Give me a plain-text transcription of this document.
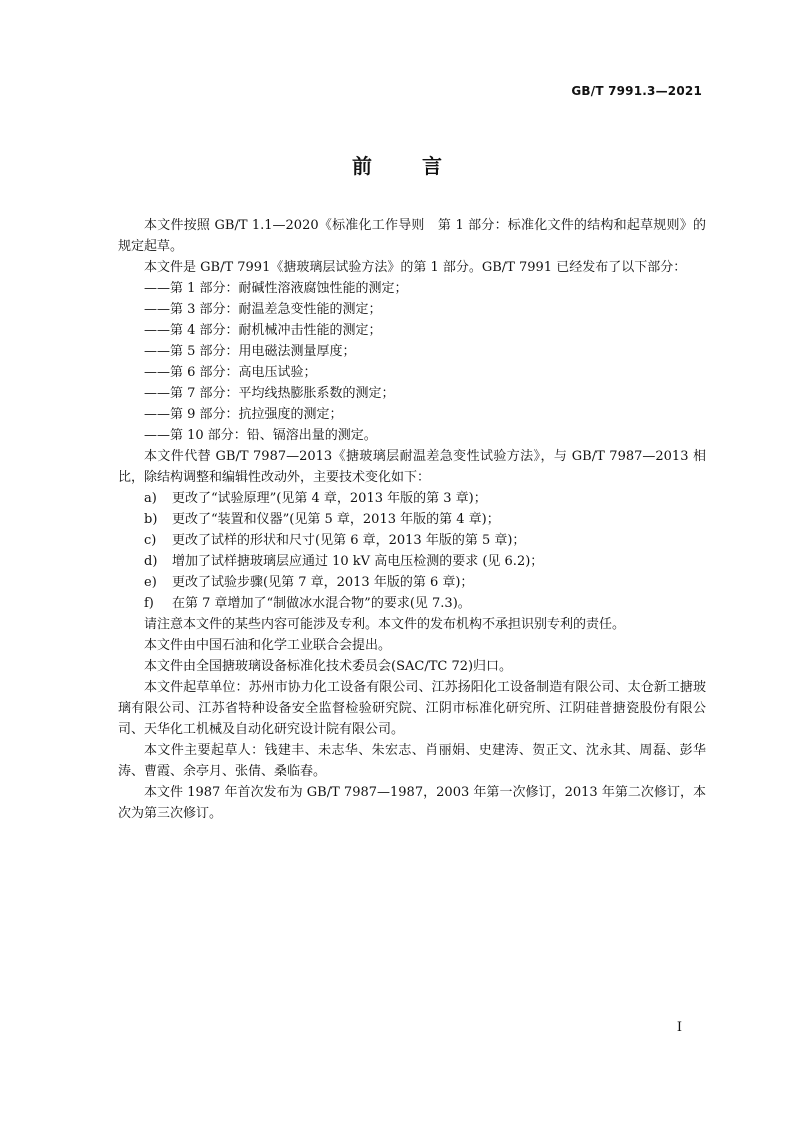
GB/T 7991.3—2021
前言
本文件按照 GB/T 1.1—2020《标准化工作导则　第 1 部分：标准化文件的结构和起草规则》的规定起草。
本文件是 GB/T 7991《搪玻璃层试验方法》的第 1 部分。GB/T 7991 已经发布了以下部分：
——第 1 部分：耐碱性溶液腐蚀性能的测定；
——第 3 部分：耐温差急变性能的测定；
——第 4 部分：耐机械冲击性能的测定；
——第 5 部分：用电磁法测量厚度；
——第 6 部分：高电压试验；
——第 7 部分：平均线热膨胀系数的测定；
——第 9 部分：抗拉强度的测定；
——第 10 部分：铅、镉溶出量的测定。
本文件代替 GB/T 7987—2013《搪玻璃层耐温差急变性试验方法》，与 GB/T 7987—2013 相比，除结构调整和编辑性改动外，主要技术变化如下：
a)	更改了“试验原理”(见第 4 章，2013 年版的第 3 章)；
b)	更改了“装置和仪器”(见第 5 章，2013 年版的第 4 章)；
c)	更改了试样的形状和尺寸(见第 6 章，2013 年版的第 5 章)；
d)	增加了试样搪玻璃层应通过 10 kV 高电压检测的要求 (见 6.2)；
e)	更改了试验步骤(见第 7 章，2013 年版的第 6 章)；
f)	在第 7 章增加了“制做冰水混合物”的要求(见 7.3)。
请注意本文件的某些内容可能涉及专利。本文件的发布机构不承担识别专利的责任。
本文件由中国石油和化学工业联合会提出。
本文件由全国搪玻璃设备标准化技术委员会(SAC/TC 72)归口。
本文件起草单位：苏州市协力化工设备有限公司、江苏扬阳化工设备制造有限公司、太仓新工搪玻璃有限公司、江苏省特种设备安全监督检验研究院、江阴市标准化研究所、江阴硅普搪瓷股份有限公司、天华化工机械及自动化研究设计院有限公司。
本文件主要起草人：钱建丰、未志华、朱宏志、肖丽娟、史建涛、贺正文、沈永其、周磊、彭华涛、曹霞、余亭月、张倩、桑临春。
本文件 1987 年首次发布为 GB/T 7987—1987，2003 年第一次修订，2013 年第二次修订，本次为第三次修订。
I
